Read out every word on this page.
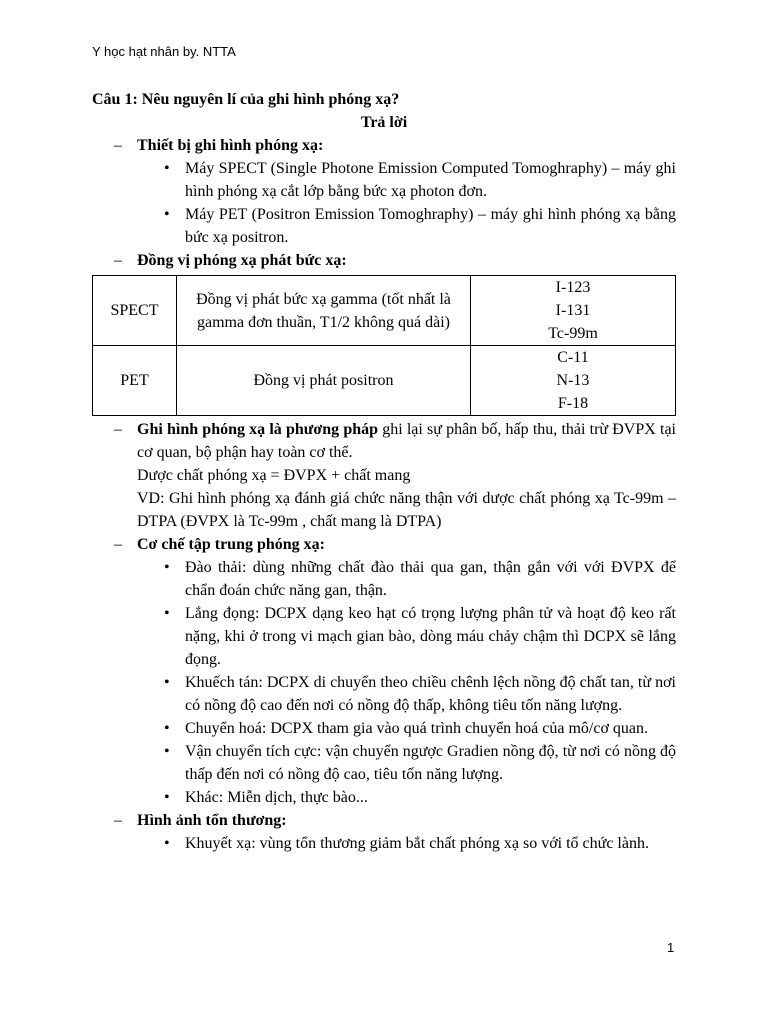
Y học hạt nhân by. NTTA
Câu 1: Nêu nguyên lí của ghi hình phóng xạ?
Trả lời
– Thiết bị ghi hình phóng xạ:
• Máy SPECT (Single Photone Emission Computed Tomoghraphy) – máy ghi hình phóng xạ cắt lớp bằng bức xạ photon đơn.
• Máy PET (Positron Emission Tomoghraphy) – máy ghi hình phóng xạ bằng bức xạ positron.
– Đồng vị phóng xạ phát bức xạ:
SPECT	Đồng vị phát bức xạ gamma (tốt nhất là gamma đơn thuần, T1/2 không quá dài)	I-123
I-131
Tc-99m

PET	Đồng vị phát positron	C-11
N-13
F-18
– Ghi hình phóng xạ là phương pháp ghi lại sự phân bố, hấp thu, thải trừ ĐVPX tại cơ quan, bộ phận hay toàn cơ thể.
Dược chất phóng xạ = ĐVPX + chất mang
VD: Ghi hình phóng xạ đánh giá chức năng thận với dược chất phóng xạ Tc-99m – DTPA (ĐVPX là Tc-99m , chất mang là DTPA)
– Cơ chế tập trung phóng xạ:
• Đào thải: dùng những chất đào thải qua gan, thận gắn với với ĐVPX để chẩn đoán chức năng gan, thận.
• Lắng đọng: DCPX dạng keo hạt có trọng lượng phân tử và hoạt độ keo rất nặng, khi ở trong vi mạch gian bào, dòng máu chảy chậm thì DCPX sẽ lắng đọng.
• Khuếch tán: DCPX di chuyển theo chiều chênh lệch nồng độ chất tan, từ nơi có nồng độ cao đến nơi có nồng độ thấp, không tiêu tốn năng lượng.
• Chuyển hoá: DCPX tham gia vào quá trình chuyển hoá của mô/cơ quan.
• Vận chuyển tích cực: vận chuyển ngược Gradien nồng độ, từ nơi có nồng độ thấp đến nơi có nồng độ cao, tiêu tốn năng lượng.
• Khác: Miễn dịch, thực bào...
– Hình ảnh tổn thương:
• Khuyết xạ: vùng tổn thương giảm bắt chất phóng xạ so với tổ chức lành.
1
